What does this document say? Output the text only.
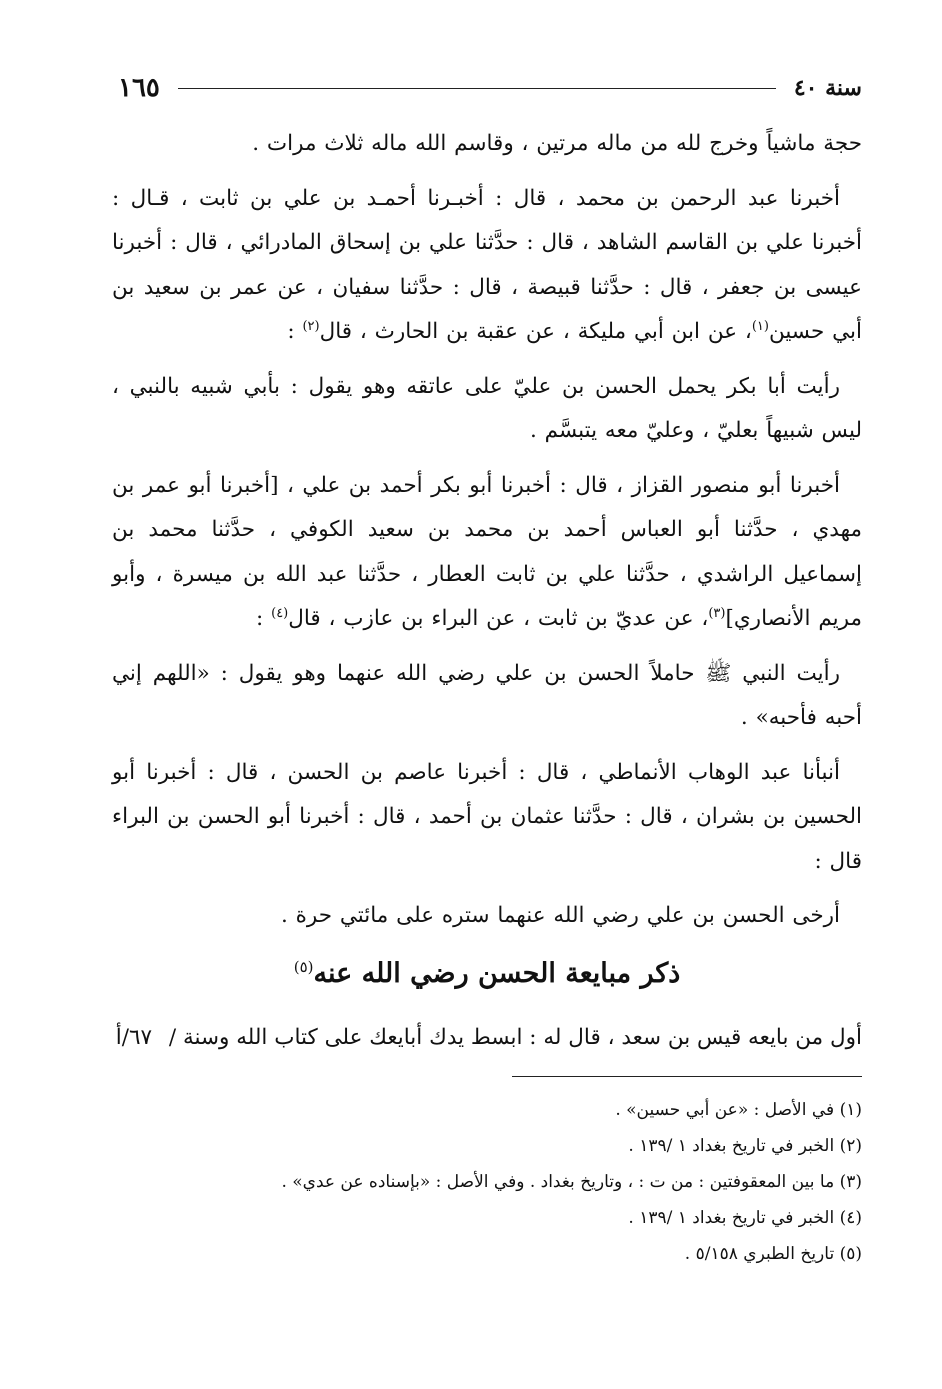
سنة ٤٠
١٦٥

حجة ماشياً وخرج لله من ماله مرتين ، وقاسم الله ماله ثلاث مرات .

أخبرنا عبد الرحمن بن محمد ، قال : أخبـرنا أحمـد بن علي بن ثابت ، قـال : أخبرنا علي بن القاسم الشاهد ، قال : حدَّثنا علي بن إسحاق المادرائي ، قال : أخبرنا عيسى بن جعفر ، قال : حدَّثنا قبيصة ، قال : حدَّثنا سفيان ، عن عمر بن سعيد بن أبي حسين$^{(١)}$، عن ابن أبي مليكة ، عن عقبة بن الحارث ، قال$^{(٢)}$ :

رأيت أبا بكر يحمل الحسن بن عليّ على عاتقه وهو يقول : بأبي شبيه بالنبي ، ليس شبيهاً بعليّ ، وعليّ معه يتبسَّم .

أخبرنا أبو منصور القزاز ، قال : أخبرنا أبو بكر أحمد بن علي ، [أخبرنا أبو عمر بن مهدي ، حدَّثنا أبو العباس أحمد بن محمد بن سعيد الكوفي ، حدَّثنا محمد بن إسماعيل الراشدي ، حدَّثنا علي بن ثابت العطار ، حدَّثنا عبد الله بن ميسرة ، وأبو مريم الأنصاري]$^{(٣)}$، عن عديّ بن ثابت ، عن البراء بن عازب ، قال$^{(٤)}$ :

رأيت النبي ﷺ حاملاً الحسن بن علي رضي الله عنهما وهو يقول : «اللهم إني أحبه فأحبه» .

أنبأنا عبد الوهاب الأنماطي ، قال : أخبرنا عاصم بن الحسن ، قال : أخبرنا أبو الحسين بن بشران ، قال : حدَّثنا عثمان بن أحمد ، قال : أخبرنا أبو الحسن بن البراء قال :

أرخى الحسن بن علي رضي الله عنهما ستره على مائتي حرة .

ذكر مبايعة الحسن رضي الله عنه$^{(٥)}$
أول من بايعه قيس بن سعد ، قال له : ابسط يدك أبايعك على كتاب الله وسنة / ٦٧/أ

(١) في الأصل : «عن أبي حسين» .

(٢) الخبر في تاريخ بغداد ١ /١٣٩ .

(٣) ما بين المعقوفتين : من ت : ، وتاريخ بغداد . وفي الأصل : «بإسناده عن عدي» .

(٤) الخبر في تاريخ بغداد ١ /١٣٩ .

(٥) تاريخ الطبري ٥/١٥٨ .
